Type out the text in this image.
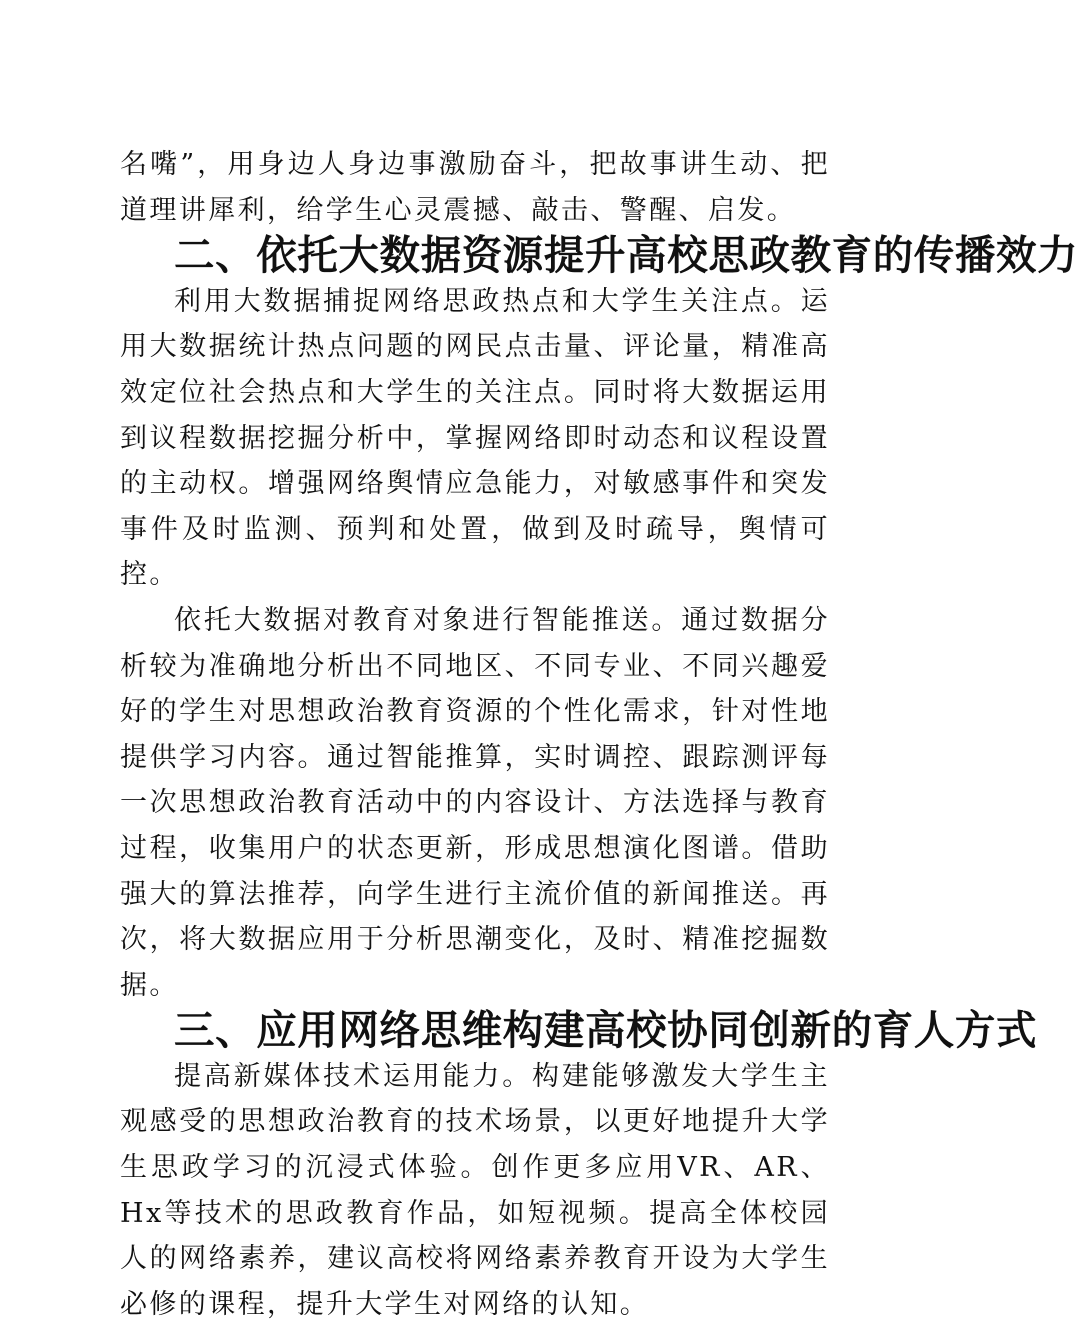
名嘴”，用身边人身边事激励奋斗，把故事讲生动、把道理讲犀利，给学生心灵震撼、敲击、警醒、启发。

二、依托大数据资源提升高校思政教育的传播效力

利用大数据捕捉网络思政热点和大学生关注点。运用大数据统计热点问题的网民点击量、评论量，精准高效定位社会热点和大学生的关注点。同时将大数据运用到议程数据挖掘分析中，掌握网络即时动态和议程设置的主动权。增强网络舆情应急能力，对敏感事件和突发事件及时监测、预判和处置，做到及时疏导，舆情可控。

依托大数据对教育对象进行智能推送。通过数据分析较为准确地分析出不同地区、不同专业、不同兴趣爱好的学生对思想政治教育资源的个性化需求，针对性地提供学习内容。通过智能推算，实时调控、跟踪测评每一次思想政治教育活动中的内容设计、方法选择与教育过程，收集用户的状态更新，形成思想演化图谱。借助强大的算法推荐，向学生进行主流价值的新闻推送。再次，将大数据应用于分析思潮变化，及时、精准挖掘数据。

三、应用网络思维构建高校协同创新的育人方式

提高新媒体技术运用能力。构建能够激发大学生主观感受的思想政治教育的技术场景，以更好地提升大学生思政学习的沉浸式体验。创作更多应用VR、AR、Hx等技术的思政教育作品，如短视频。提高全体校园人的网络素养，建议高校将网络素养教育开设为大学生必修的课程，提升大学生对网络的认知。
